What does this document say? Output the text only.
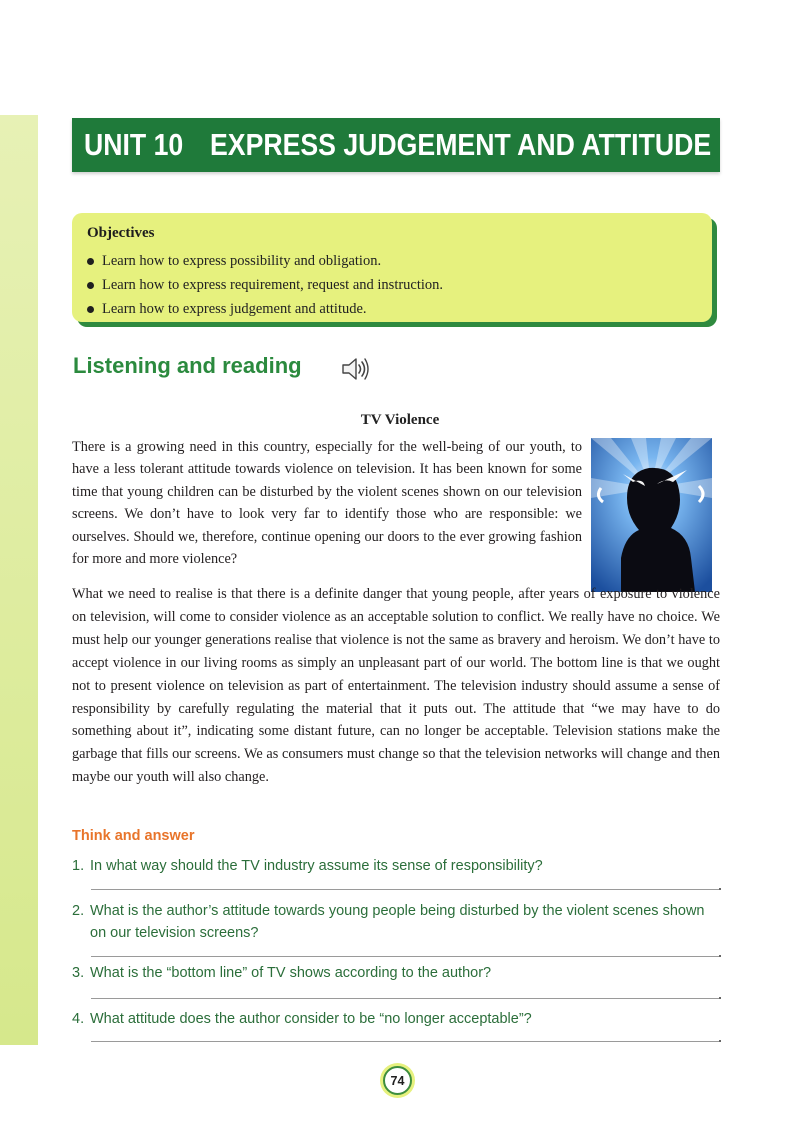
UNIT 10 EXPRESS JUDGEMENT AND ATTITUDE
Objectives
Learn how to express possibility and obligation.
Learn how to express requirement, request and instruction.
Learn how to express judgement and attitude.
Listening and reading
TV Violence

There is a growing need in this country, especially for the well-being of our youth, to have a less tolerant attitude towards violence on television. It has been known for some time that young children can be disturbed by the violent scenes shown on our television screens. We don’t have to look very far to identify those who are responsible: we ourselves. Should we, therefore, continue opening our doors to the ever growing fashion for more and more violence?

What we need to realise is that there is a definite danger that young people, after years of exposure to violence on television, will come to consider violence as an acceptable solution to conflict. We really have no choice. We must help our younger generations realise that violence is not the same as bravery and heroism. We don’t have to accept violence in our living rooms as simply an unpleasant part of our world. The bottom line is that we ought not to present violence on television as part of entertainment. The television industry should assume a sense of responsibility by carefully regulating the material that it puts out. The attitude that “we may have to do something about it”, indicating some distant future, can no longer be acceptable. Television stations make the garbage that fills our screens. We as consumers must change so that the television networks will change and then maybe our youth will also change.

Think and answer
1. In what way should the TV industry assume its sense of responsibility?
2. What is the author’s attitude towards young people being disturbed by the violent scenes shown on our television screens?
3. What is the “bottom line” of TV shows according to the author?
4. What attitude does the author consider to be “no longer acceptable”?
74
